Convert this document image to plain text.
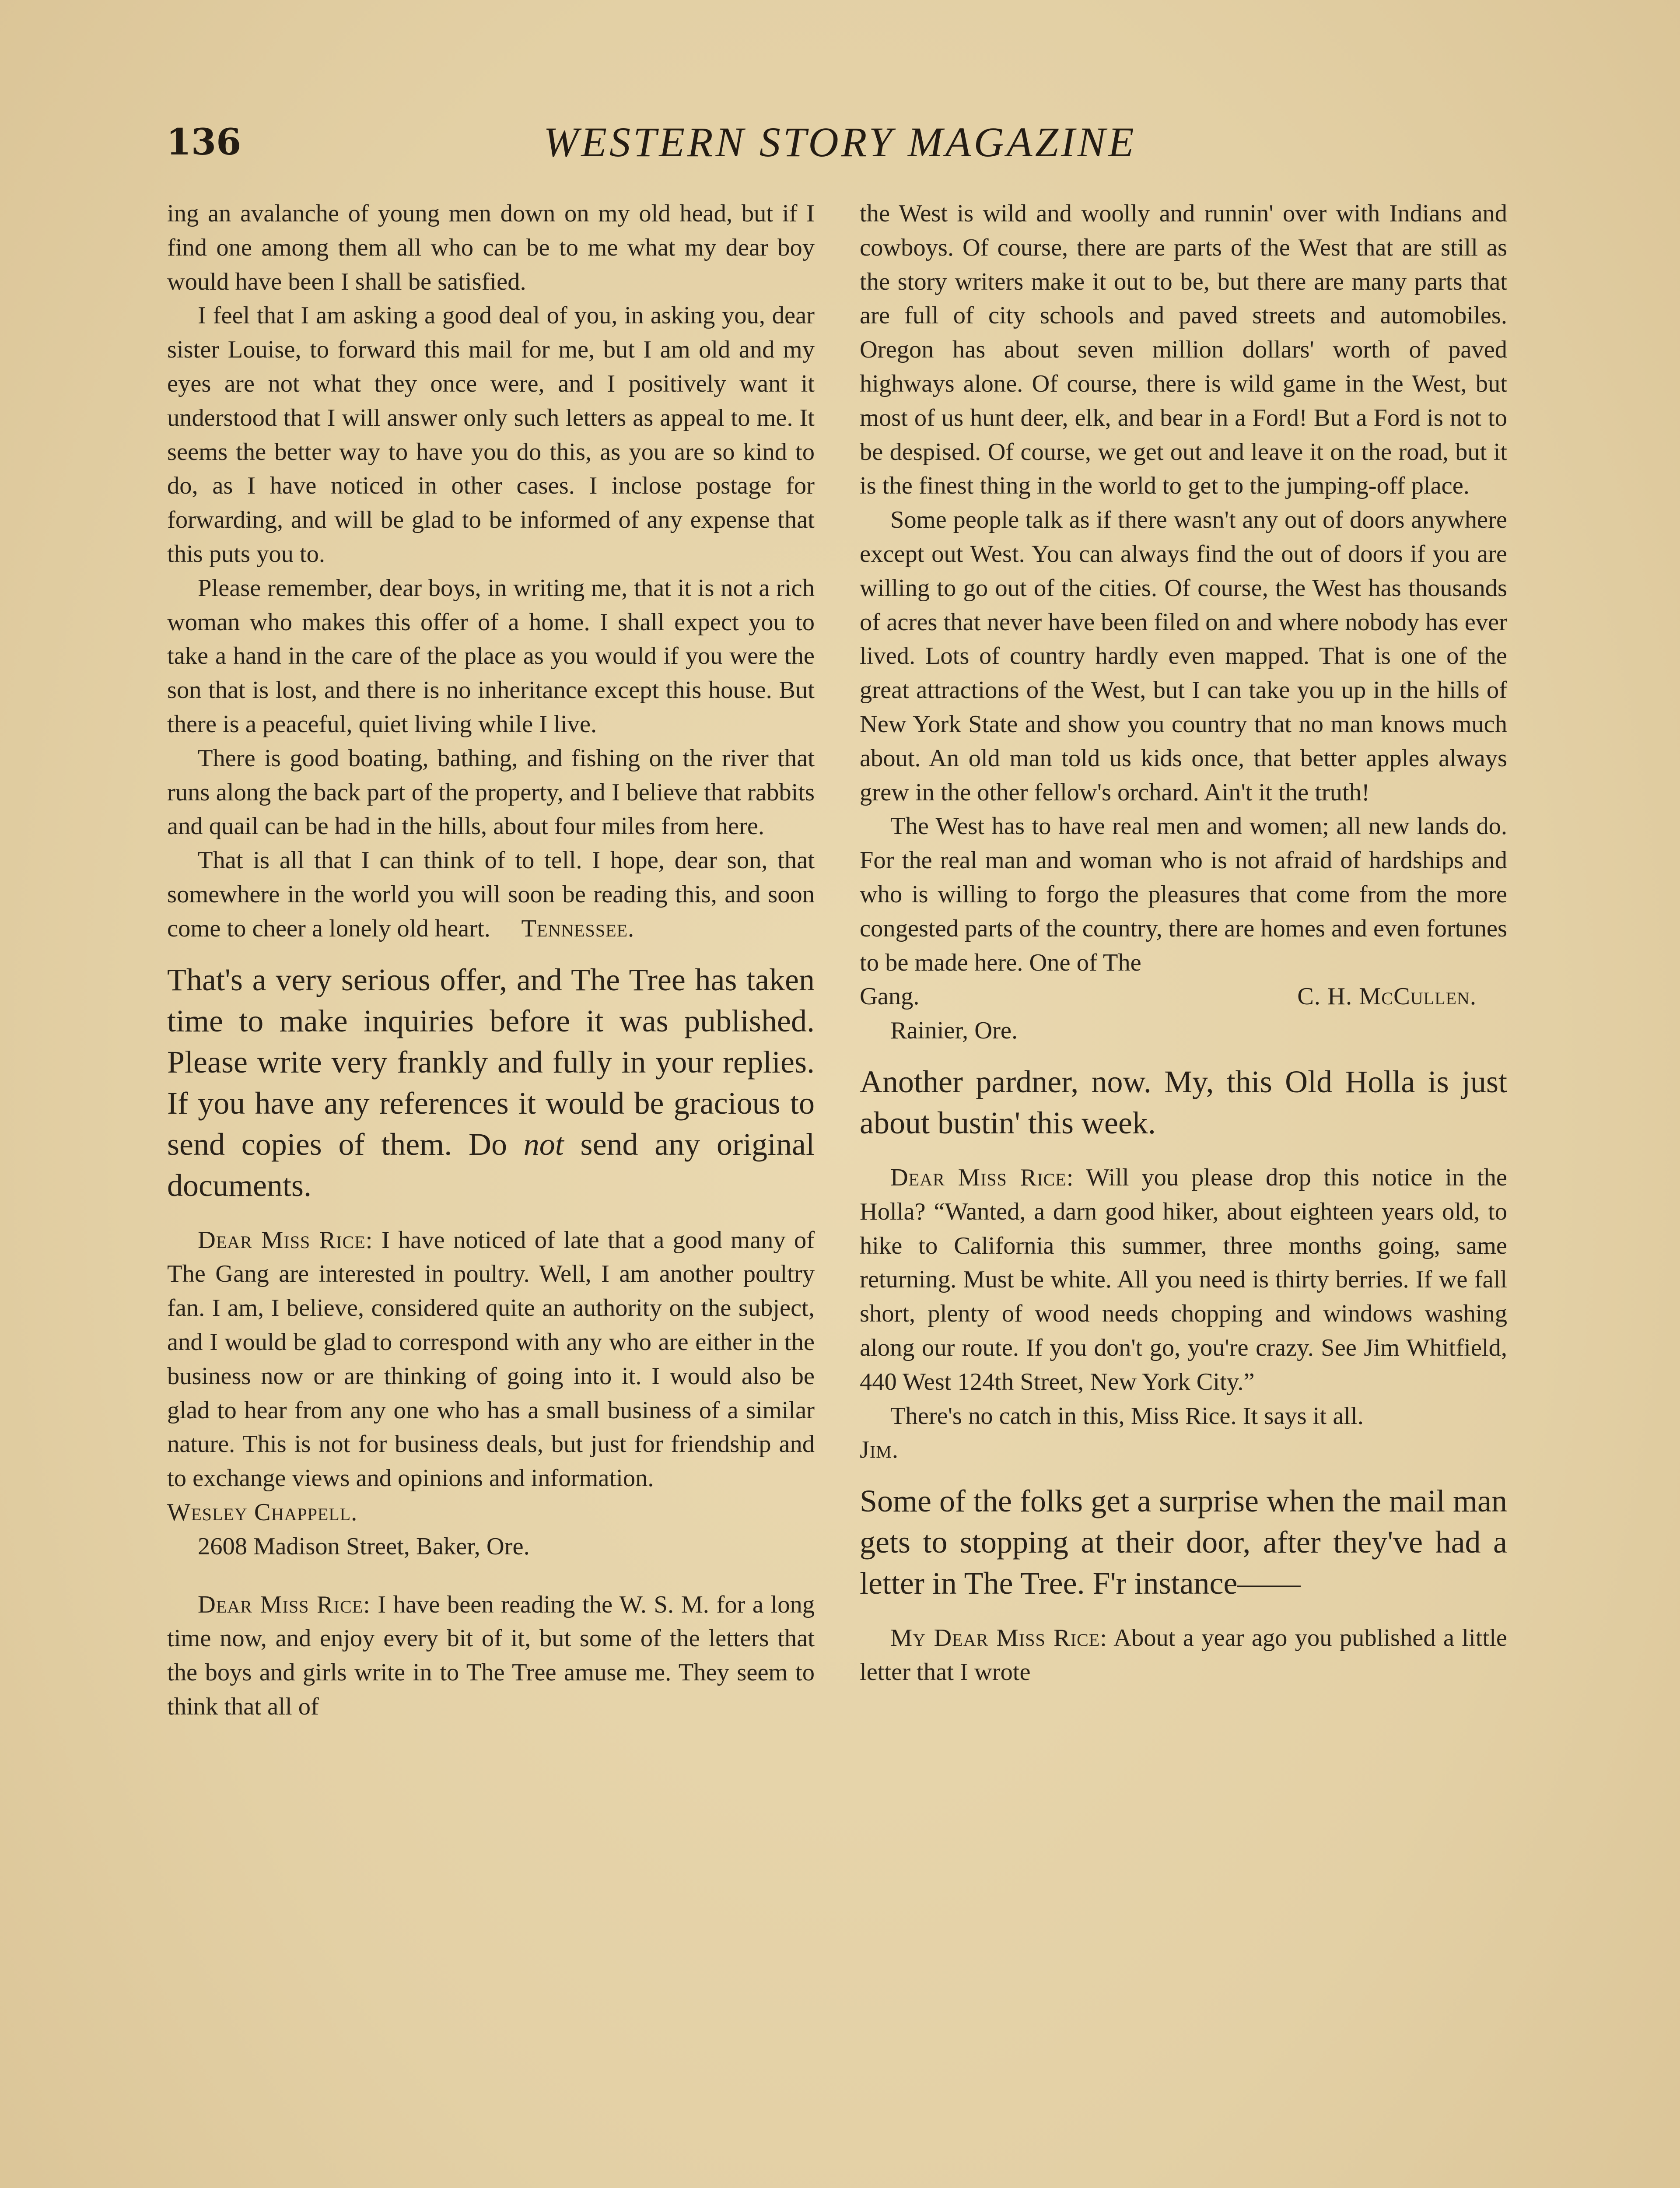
136	WESTERN STORY MAGAZINE

ing an avalanche of young men down on my old head, but if I find one among them all who can be to me what my dear boy would have been I shall be satisfied.

I feel that I am asking a good deal of you, in asking you, dear sister Louise, to forward this mail for me, but I am old and my eyes are not what they once were, and I positively want it understood that I will answer only such letters as appeal to me. It seems the better way to have you do this, as you are so kind to do, as I have noticed in other cases. I inclose postage for forwarding, and will be glad to be informed of any expense that this puts you to.

Please remember, dear boys, in writing me, that it is not a rich woman who makes this offer of a home. I shall expect you to take a hand in the care of the place as you would if you were the son that is lost, and there is no inheritance except this house. But there is a peaceful, quiet living while I live.

There is good boating, bathing, and fishing on the river that runs along the back part of the property, and I believe that rabbits and quail can be had in the hills, about four miles from here.

That is all that I can think of to tell. I hope, dear son, that somewhere in the world you will soon be reading this, and soon come to cheer a lonely old heart. Tennessee.

That's a very serious offer, and The Tree has taken time to make inquiries before it was published. Please write very frankly and fully in your replies. If you have any references it would be gracious to send copies of them. Do not send any original documents.

Dear Miss Rice: I have noticed of late that a good many of The Gang are interested in poultry. Well, I am another poultry fan. I am, I believe, considered quite an authority on the subject, and I would be glad to correspond with any who are either in the business now or are thinking of going into it. I would also be glad to hear from any one who has a small business of a similar nature. This is not for business deals, but just for friendship and to exchange views and opinions and information.

Wesley Chappell.

2608 Madison Street, Baker, Ore.

Dear Miss Rice: I have been reading the W. S. M. for a long time now, and enjoy every bit of it, but some of the letters that the boys and girls write in to The Tree amuse me. They seem to think that all of

the West is wild and woolly and runnin' over with Indians and cowboys. Of course, there are parts of the West that are still as the story writers make it out to be, but there are many parts that are full of city schools and paved streets and automobiles. Oregon has about seven million dollars' worth of paved highways alone. Of course, there is wild game in the West, but most of us hunt deer, elk, and bear in a Ford! But a Ford is not to be despised. Of course, we get out and leave it on the road, but it is the finest thing in the world to get to the jumping-off place.

Some people talk as if there wasn't any out of doors anywhere except out West. You can always find the out of doors if you are willing to go out of the cities. Of course, the West has thousands of acres that never have been filed on and where nobody has ever lived. Lots of country hardly even mapped. That is one of the great attractions of the West, but I can take you up in the hills of New York State and show you country that no man knows much about. An old man told us kids once, that better apples always grew in the other fellow's orchard. Ain't it the truth!

The West has to have real men and women; all new lands do. For the real man and woman who is not afraid of hardships and who is willing to forgo the pleasures that come from the more congested parts of the country, there are homes and even fortunes to be made here. One of The

Gang.	C. H. McCullen.

Rainier, Ore.

Another pardner, now. My, this Old Holla is just about bustin' this week.

Dear Miss Rice: Will you please drop this notice in the Holla? “Wanted, a darn good hiker, about eighteen years old, to hike to California this summer, three months going, same returning. Must be white. All you need is thirty berries. If we fall short, plenty of wood needs chopping and windows washing along our route. If you don't go, you're crazy. See Jim Whitfield, 440 West 124th Street, New York City.”

There's no catch in this, Miss Rice. It says it all.

Jim.

Some of the folks get a surprise when the mail man gets to stopping at their door, after they've had a letter in The Tree. F'r instance——

My Dear Miss Rice: About a year ago you published a little letter that I wrote
